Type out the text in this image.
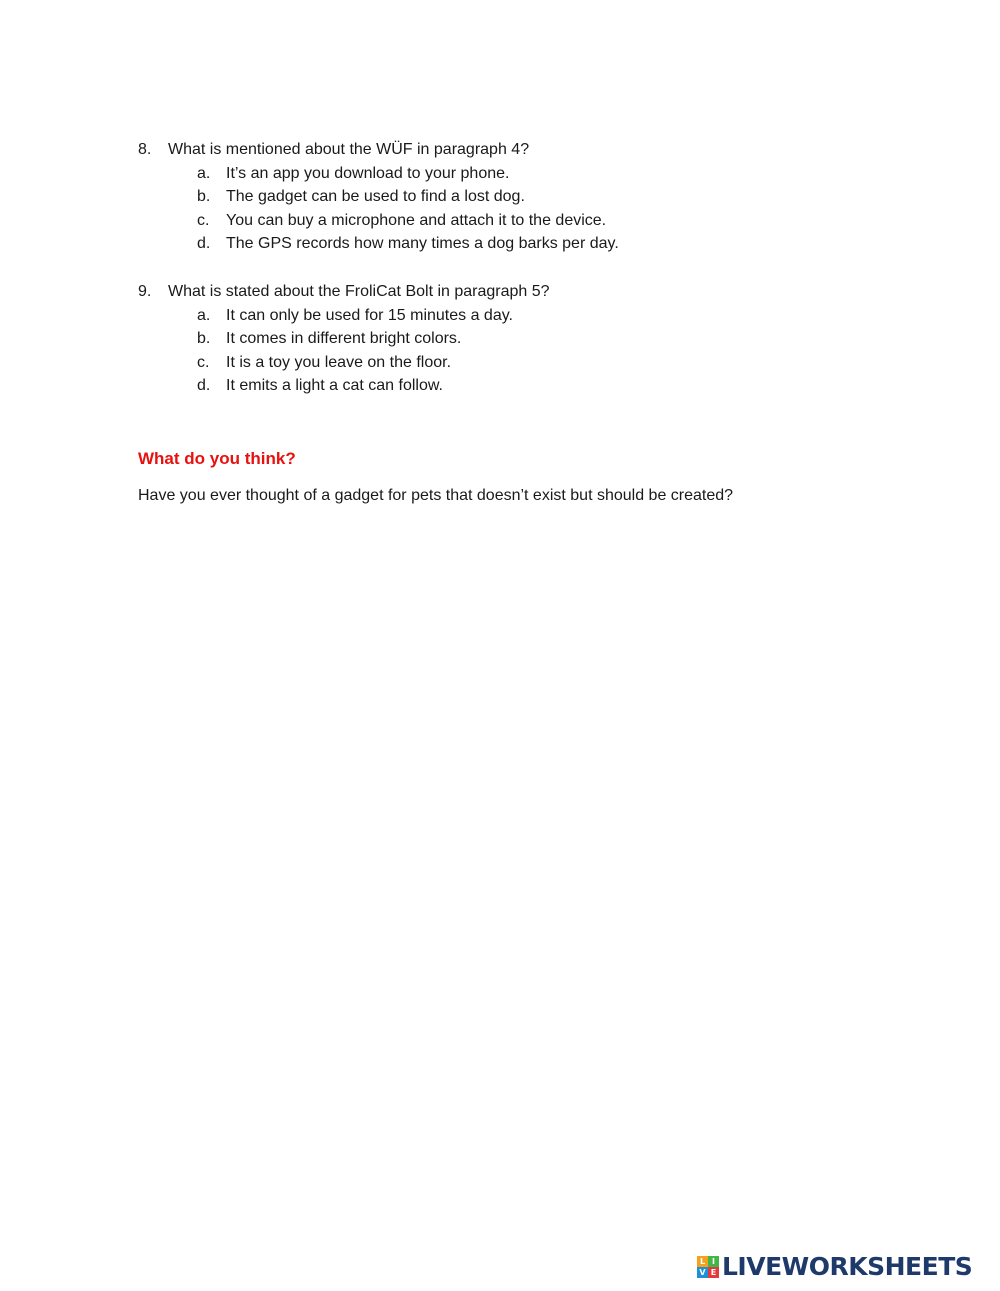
8.	What is mentioned about the WÜF in paragraph 4?
a. It’s an app you download to your phone.
b. The gadget can be used to find a lost dog.
c.	You can buy a microphone and attach it to the device.
d. The GPS records how many times a dog barks per day.
9.	What is stated about the FroliCat Bolt in paragraph 5?
a. It can only be used for 15 minutes a day.
b. It comes in different bright colors.
c.	It is a toy you leave on the floor.
d. It emits a light a cat can follow.
What do you think?
Have you ever thought of a gadget for pets that doesn’t exist but should be created?
L I
V E LIVEWORKSHEETS
